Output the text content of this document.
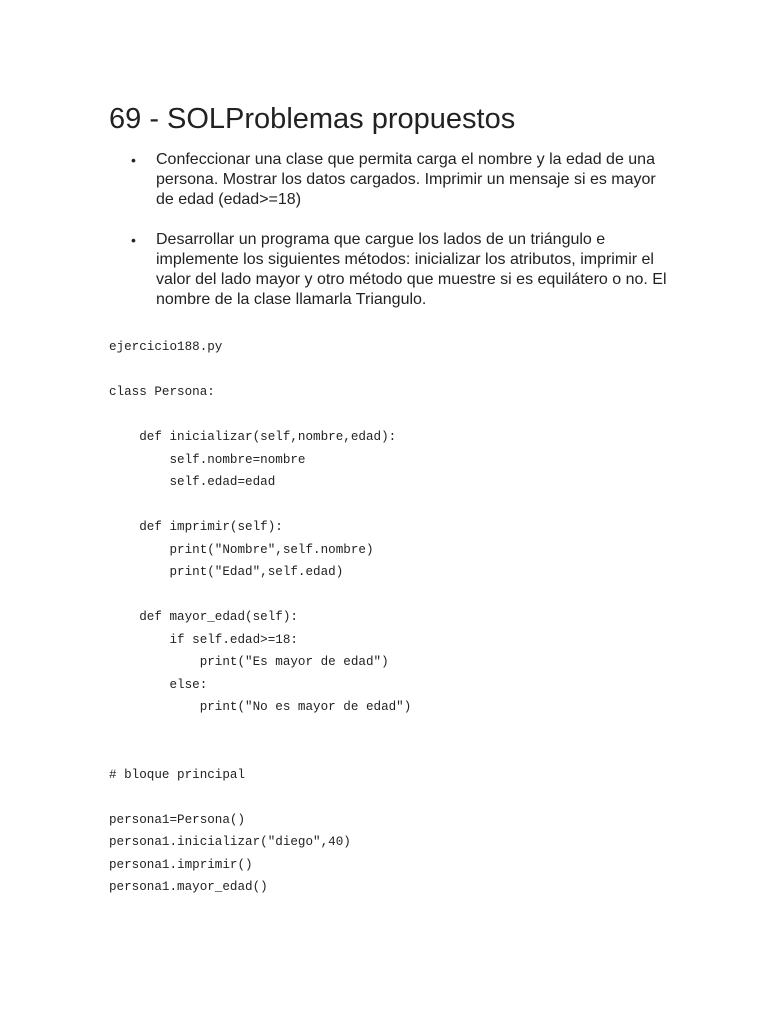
69 - SOLProblemas propuestos
• Confeccionar una clase que permita carga el nombre y la edad de una persona. Mostrar los datos cargados. Imprimir un mensaje si es mayor de edad (edad>=18)
• Desarrollar un programa que cargue los lados de un triángulo e implemente los siguientes métodos: inicializar los atributos, imprimir el valor del lado mayor y otro método que muestre si es equilátero o no. El nombre de la clase llamarla Triangulo.
ejercicio188.py
class Persona:
def inicializar(self,nombre,edad):
self.nombre=nombre
self.edad=edad
def imprimir(self):
print("Nombre",self.nombre)
print("Edad",self.edad)
def mayor_edad(self):
if self.edad>=18:
print("Es mayor de edad")
else:
print("No es mayor de edad")
# bloque principal
persona1=Persona()
persona1.inicializar("diego",40)
persona1.imprimir()
persona1.mayor_edad()
